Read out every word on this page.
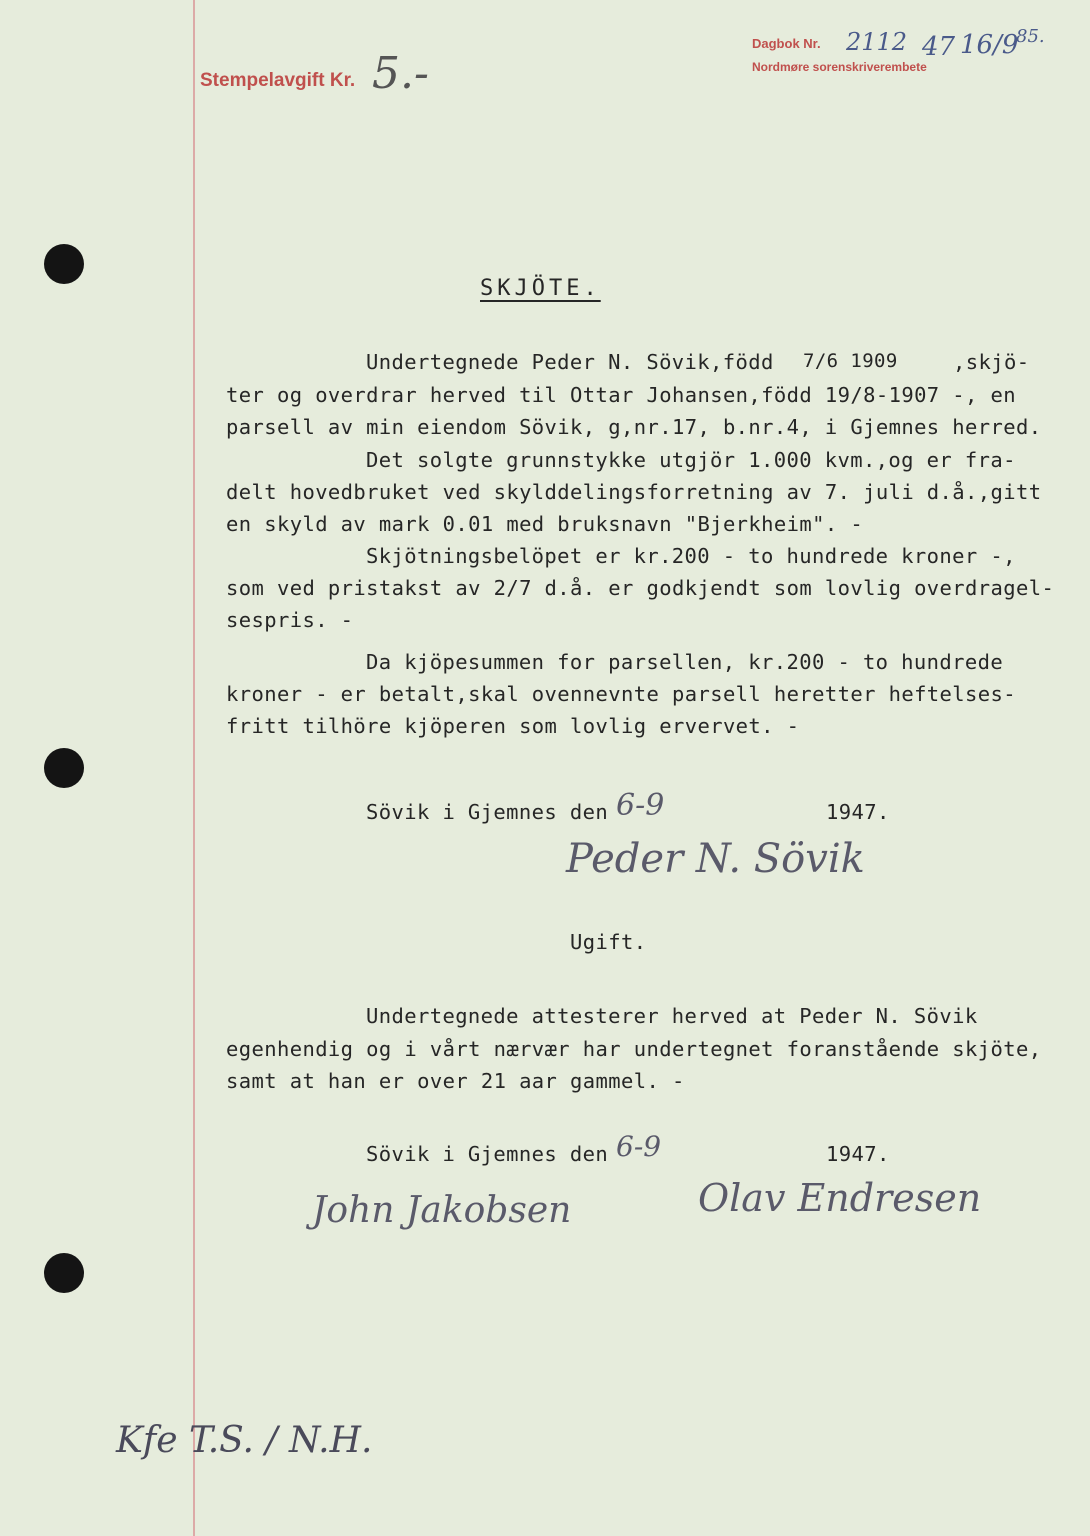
Stempelavgift Kr. 5.-
Dagbok Nr. 2112 47 16/9
85.
Nordmøre sorenskriverembete
SKJÖTE.
Undertegnede Peder N. Sövik,född 7/6 1909	,skjö-
ter og overdrar herved til Ottar Johansen,född 19/8-1907 -, en
parsell av min eiendom Sövik, g,nr.17, b.nr.4, i Gjemnes herred.
Det solgte grunnstykke utgjör 1.000 kvm.,og er fra-
delt hovedbruket ved skylddelingsforretning av 7. juli d.å.,gitt
en skyld av mark 0.01 med bruksnavn "Bjerkheim". -
Skjötningsbelöpet er kr.200 - to hundrede kroner -,
som ved pristakst av 2/7 d.å. er godkjendt som lovlig overdragel-
sespris. -
Da kjöpesummen for parsellen, kr.200 - to hundrede
kroner - er betalt,skal ovennevnte parsell heretter heftelses-
fritt tilhöre kjöperen som lovlig ervervet. -
Sövik i Gjemnes den 6-9	1947.
Peder N. Sövik
Ugift.
Undertegnede attesterer herved at Peder N. Sövik
egenhendig og i vårt nærvær har undertegnet foranstående skjöte,
samt at han er over 21 aar gammel. -
Sövik i Gjemnes den 6-9	1947.
John Jakobsen	Olav Endresen
Kfe T.S. / N.H.
